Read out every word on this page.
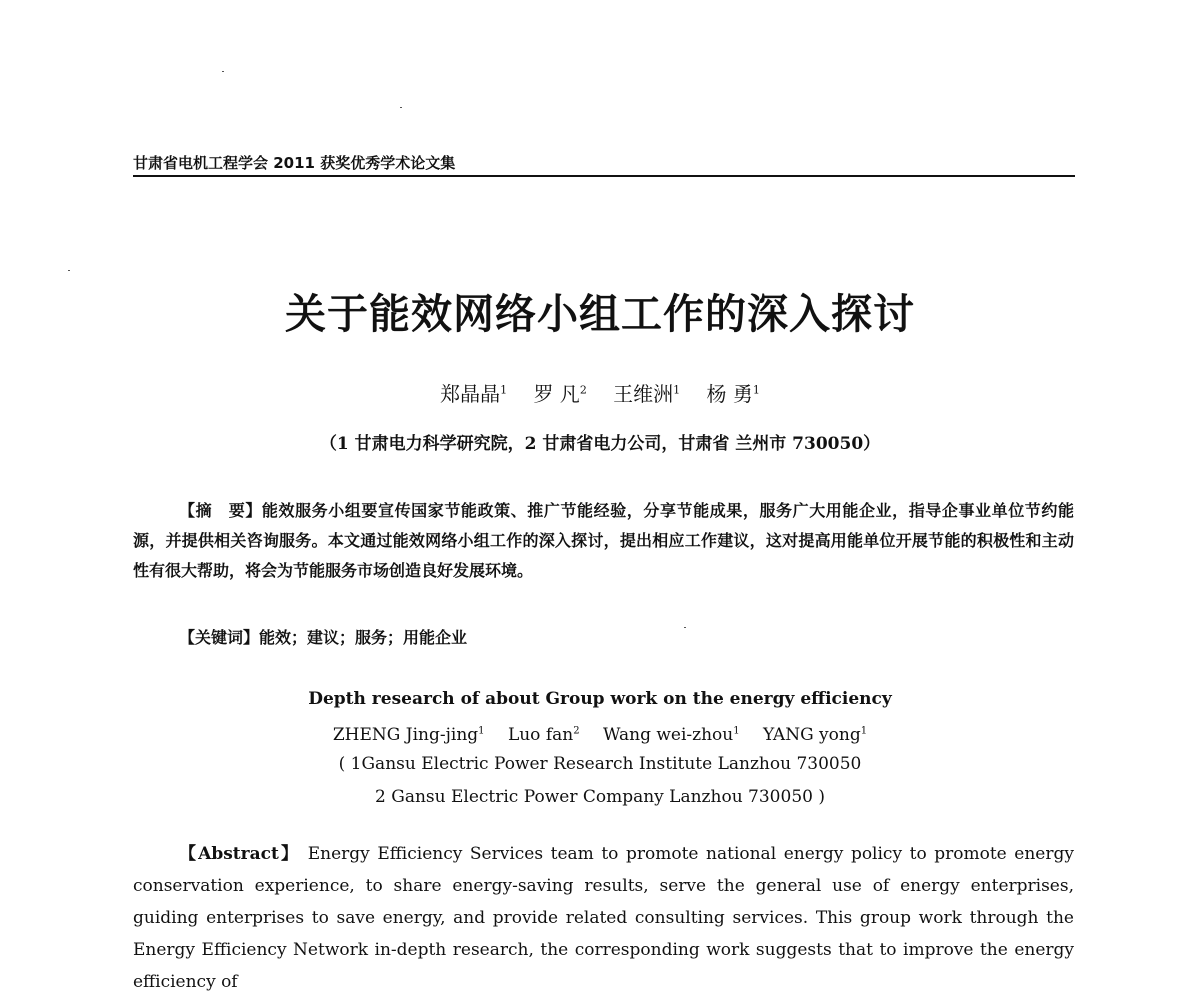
甘肃省电机工程学会 2011 获奖优秀学术论文集
关于能效网络小组工作的深入探讨
郑晶晶$^1$ 罗 凡$^2$ 王维洲$^1$ 杨 勇$^1$
（1 甘肃电力科学研究院，2 甘肃省电力公司，甘肃省 兰州市 730050）
【摘　要】能效服务小组要宣传国家节能政策、推广节能经验，分享节能成果，服务广大用能企业，指导企事业单位节约能源，并提供相关咨询服务。本文通过能效网络小组工作的深入探讨，提出相应工作建议，这对提高用能单位开展节能的积极性和主动性有很大帮助，将会为节能服务市场创造良好发展环境。
【关键词】能效；建议；服务；用能企业
Depth research of about Group work on the energy efficiency
ZHENG Jing-jing$^1$ Luo fan$^2$ Wang wei-zhou$^1$ YANG yong$^1$
( 1Gansu Electric Power Research Institute Lanzhou 730050
2 Gansu Electric Power Company Lanzhou 730050 )
【Abstract】 Energy Efficiency Services team to promote national energy policy to promote energy conservation experience, to share energy-saving results, serve the general use of energy enterprises, guiding enterprises to save energy, and provide related consulting services. This group work through the Energy Efficiency Network in-depth research, the corresponding work suggests that to improve the energy efficiency of
